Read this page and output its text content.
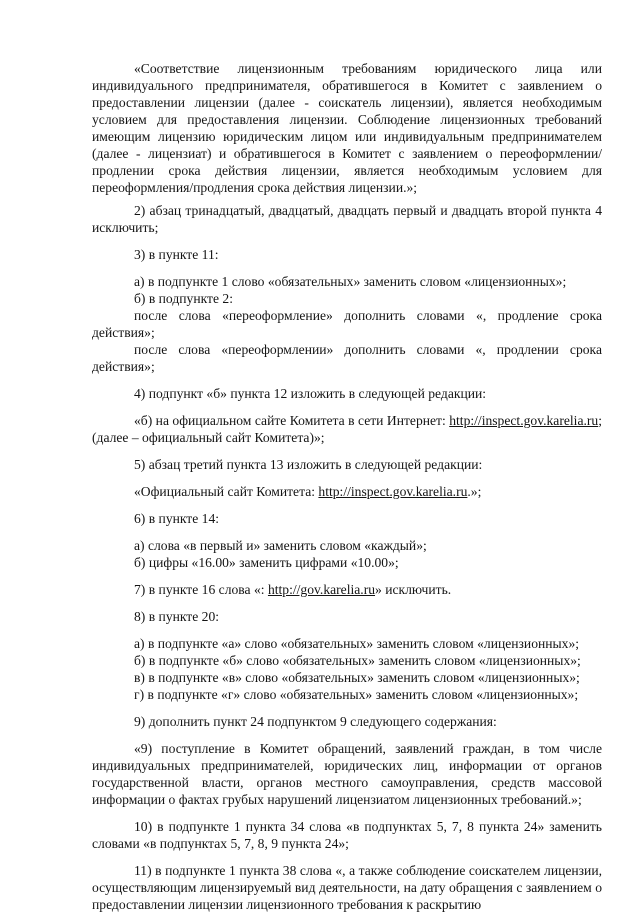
«Соответствие лицензионным требованиям юридического лица или индивидуального предпринимателя, обратившегося в Комитет с заявлением о предоставлении лицензии (далее - соискатель лицензии), является необходимым условием для предоставления лицензии. Соблюдение лицензионных требований имеющим лицензию юридическим лицом или индивидуальным предпринимателем (далее - лицензиат) и обратившегося в Комитет с заявлением о переоформлении/продлении срока действия лицензии, является необходимым условием для переоформления/продления срока действия лицензии.»;

2) абзац тринадцатый, двадцатый, двадцать первый и двадцать второй пункта 4 исключить;

3) в пункте 11:

а) в подпункте 1 слово «обязательных» заменить словом «лицензионных»;

б) в подпункте 2:

после слова «переоформление» дополнить словами «, продление срока действия»;

после слова «переоформлении» дополнить словами «, продлении срока действия»;

4) подпункт «б» пункта 12 изложить в следующей редакции:

«б) на официальном сайте Комитета в сети Интернет: http://inspect.gov.karelia.ru; (далее – официальный сайт Комитета)»;

5) абзац третий пункта 13 изложить в следующей редакции:

«Официальный сайт Комитета: http://inspect.gov.karelia.ru.»;

6) в пункте 14:

а) слова «в первый и» заменить словом «каждый»;

б) цифры «16.00» заменить цифрами «10.00»;

7) в пункте 16 слова «: http://gov.karelia.ru» исключить.

8) в пункте 20:

а) в подпункте «а» слово «обязательных» заменить словом «лицензионных»;

б) в подпункте «б» слово «обязательных» заменить словом «лицензионных»;

в) в подпункте «в» слово «обязательных» заменить словом «лицензионных»;

г) в подпункте «г» слово «обязательных» заменить словом «лицензионных»;

9) дополнить пункт 24 подпунктом 9 следующего содержания:

«9) поступление в Комитет обращений, заявлений граждан, в том числе индивидуальных предпринимателей, юридических лиц, информации от органов государственной власти, органов местного самоуправления, средств массовой информации о фактах грубых нарушений лицензиатом лицензионных требований.»;

10) в подпункте 1 пункта 34 слова «в подпунктах 5, 7, 8 пункта 24» заменить словами «в подпунктах 5, 7, 8, 9 пункта 24»;

11) в подпункте 1 пункта 38 слова «, а также соблюдение соискателем лицензии, осуществляющим лицензируемый вид деятельности, на дату обращения с заявлением о предоставлении лицензии лицензионного требования к раскрытию
